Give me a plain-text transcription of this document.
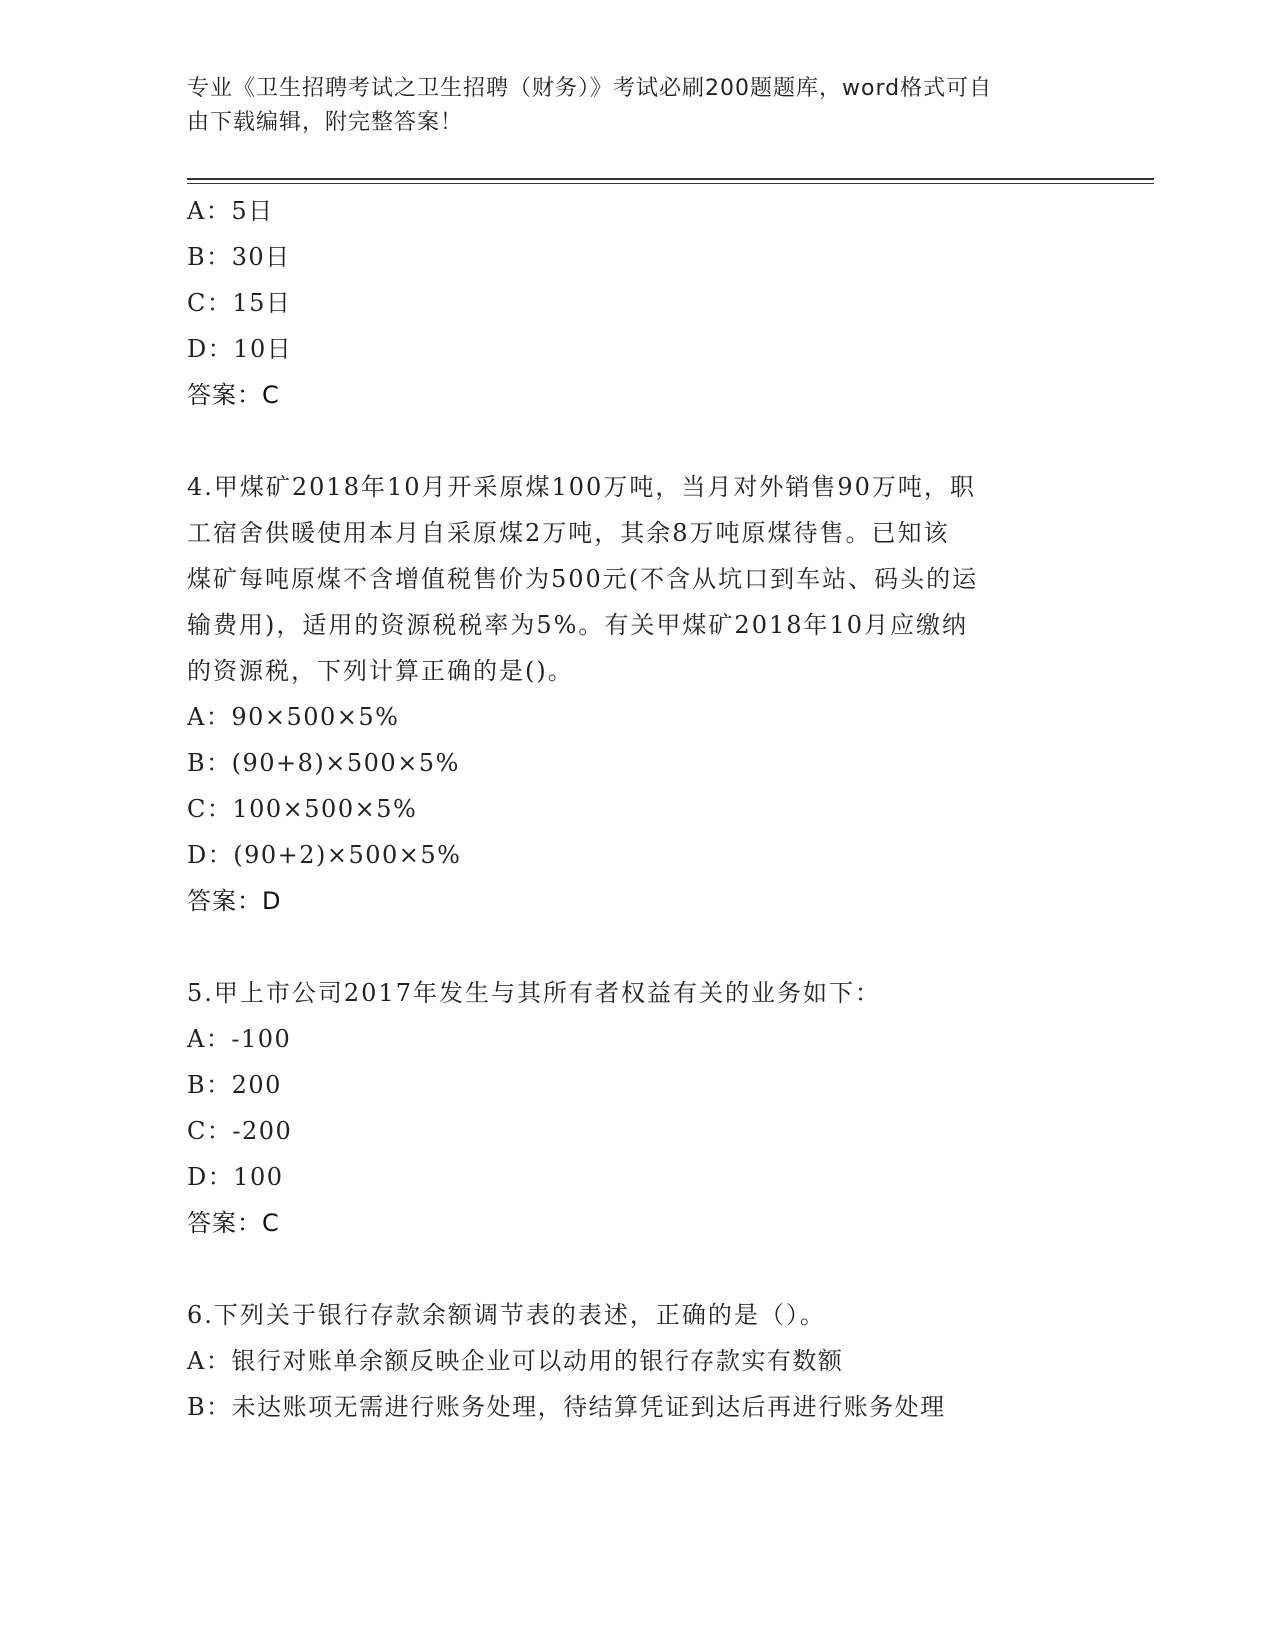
专业《卫生招聘考试之卫生招聘（财务）》考试必刷200题题库，word格式可自
由下载编辑，附完整答案！
A：5日
B：30日
C：15日
D：10日
答案：C
4.甲煤矿2018年10月开采原煤100万吨，当月对外销售90万吨，职
工宿舍供暖使用本月自采原煤2万吨，其余8万吨原煤待售。已知该
煤矿每吨原煤不含增值税售价为500元(不含从坑口到车站、码头的运
输费用)，适用的资源税税率为5%。有关甲煤矿2018年10月应缴纳
的资源税，下列计算正确的是()。
A：90×500×5%
B：(90+8)×500×5%
C：100×500×5%
D：(90+2)×500×5%
答案：D
5.甲上市公司2017年发生与其所有者权益有关的业务如下：
A：-100
B：200
C：-200
D：100
答案：C
6.下列关于银行存款余额调节表的表述，正确的是（）。
A：银行对账单余额反映企业可以动用的银行存款实有数额
B：未达账项无需进行账务处理，待结算凭证到达后再进行账务处理
